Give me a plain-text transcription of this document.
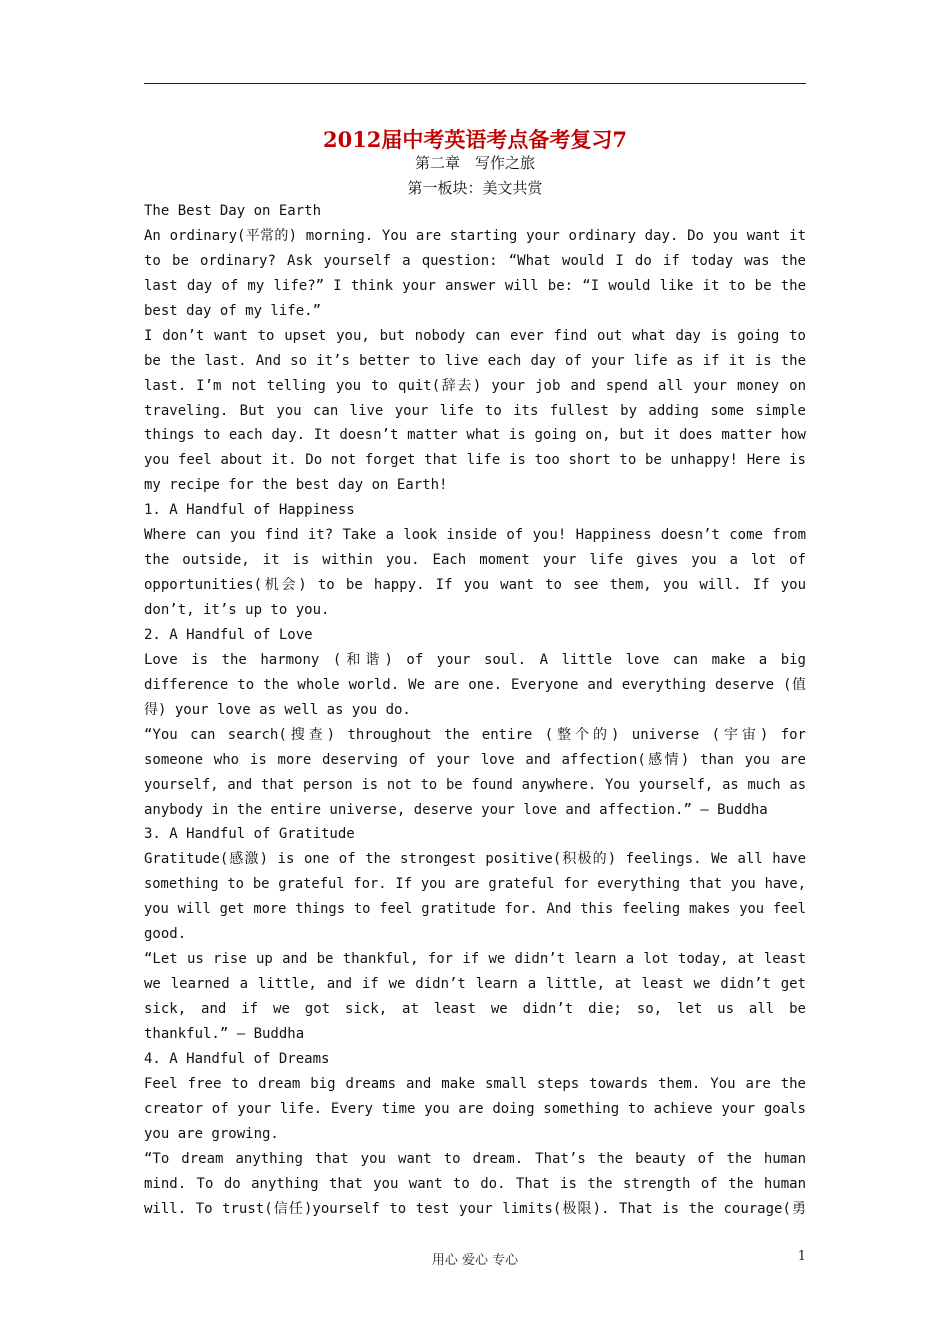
2012届中考英语考点备考复习7
第二章　写作之旅
第一板块：美文共赏
The Best Day on Earth
An ordinary(平常的) morning. You are starting your ordinary day. Do you want it
to be ordinary? Ask yourself a question: “What would I do if today was the
last day of my life?” I think your answer will be: “I would like it to be the
best day of my life.”
I don’t want to upset you, but nobody can ever find out what day is going to
be the last. And so it’s better to live each day of your life as if it is the
last. I’m not telling you to quit(辞去) your job and spend all your money on
traveling. But you can live your life to its fullest by adding some simple
things to each day. It doesn’t matter what is going on, but it does matter how
you feel about it. Do not forget that life is too short to be unhappy! Here is
my recipe for the best day on Earth!
1. A Handful of Happiness
Where can you find it? Take a look inside of you! Happiness doesn’t come from
the outside, it is within you. Each moment your life gives you a lot of
opportunities(机会) to be happy. If you want to see them, you will. If you
don’t, it’s up to you.
2. A Handful of Love
Love is the harmony (和谐) of your soul. A little love can make a big
difference to the whole world. We are one. Everyone and everything deserve (值
得) your love as well as you do.
“You can search(搜查) throughout the entire (整个的) universe (宇宙) for
someone who is more deserving of your love and affection(感情) than you are
yourself, and that person is not to be found anywhere. You yourself, as much as
anybody in the entire universe, deserve your love and affection.” — Buddha
3. A Handful of Gratitude
Gratitude(感激) is one of the strongest positive(积极的) feelings. We all have
something to be grateful for. If you are grateful for everything that you have,
you will get more things to feel gratitude for. And this feeling makes you feel
good.
“Let us rise up and be thankful, for if we didn’t learn a lot today, at least
we learned a little, and if we didn’t learn a little, at least we didn’t get
sick, and if we got sick, at least we didn’t die; so, let us all be
thankful.” — Buddha
4. A Handful of Dreams
Feel free to dream big dreams and make small steps towards them. You are the
creator of your life. Every time you are doing something to achieve your goals
you are growing.
“To dream anything that you want to dream. That’s the beauty of the human
mind. To do anything that you want to do. That is the strength of the human
will. To trust(信任)yourself to test your limits(极限). That is the courage(勇
用心 爱心 专心	1
